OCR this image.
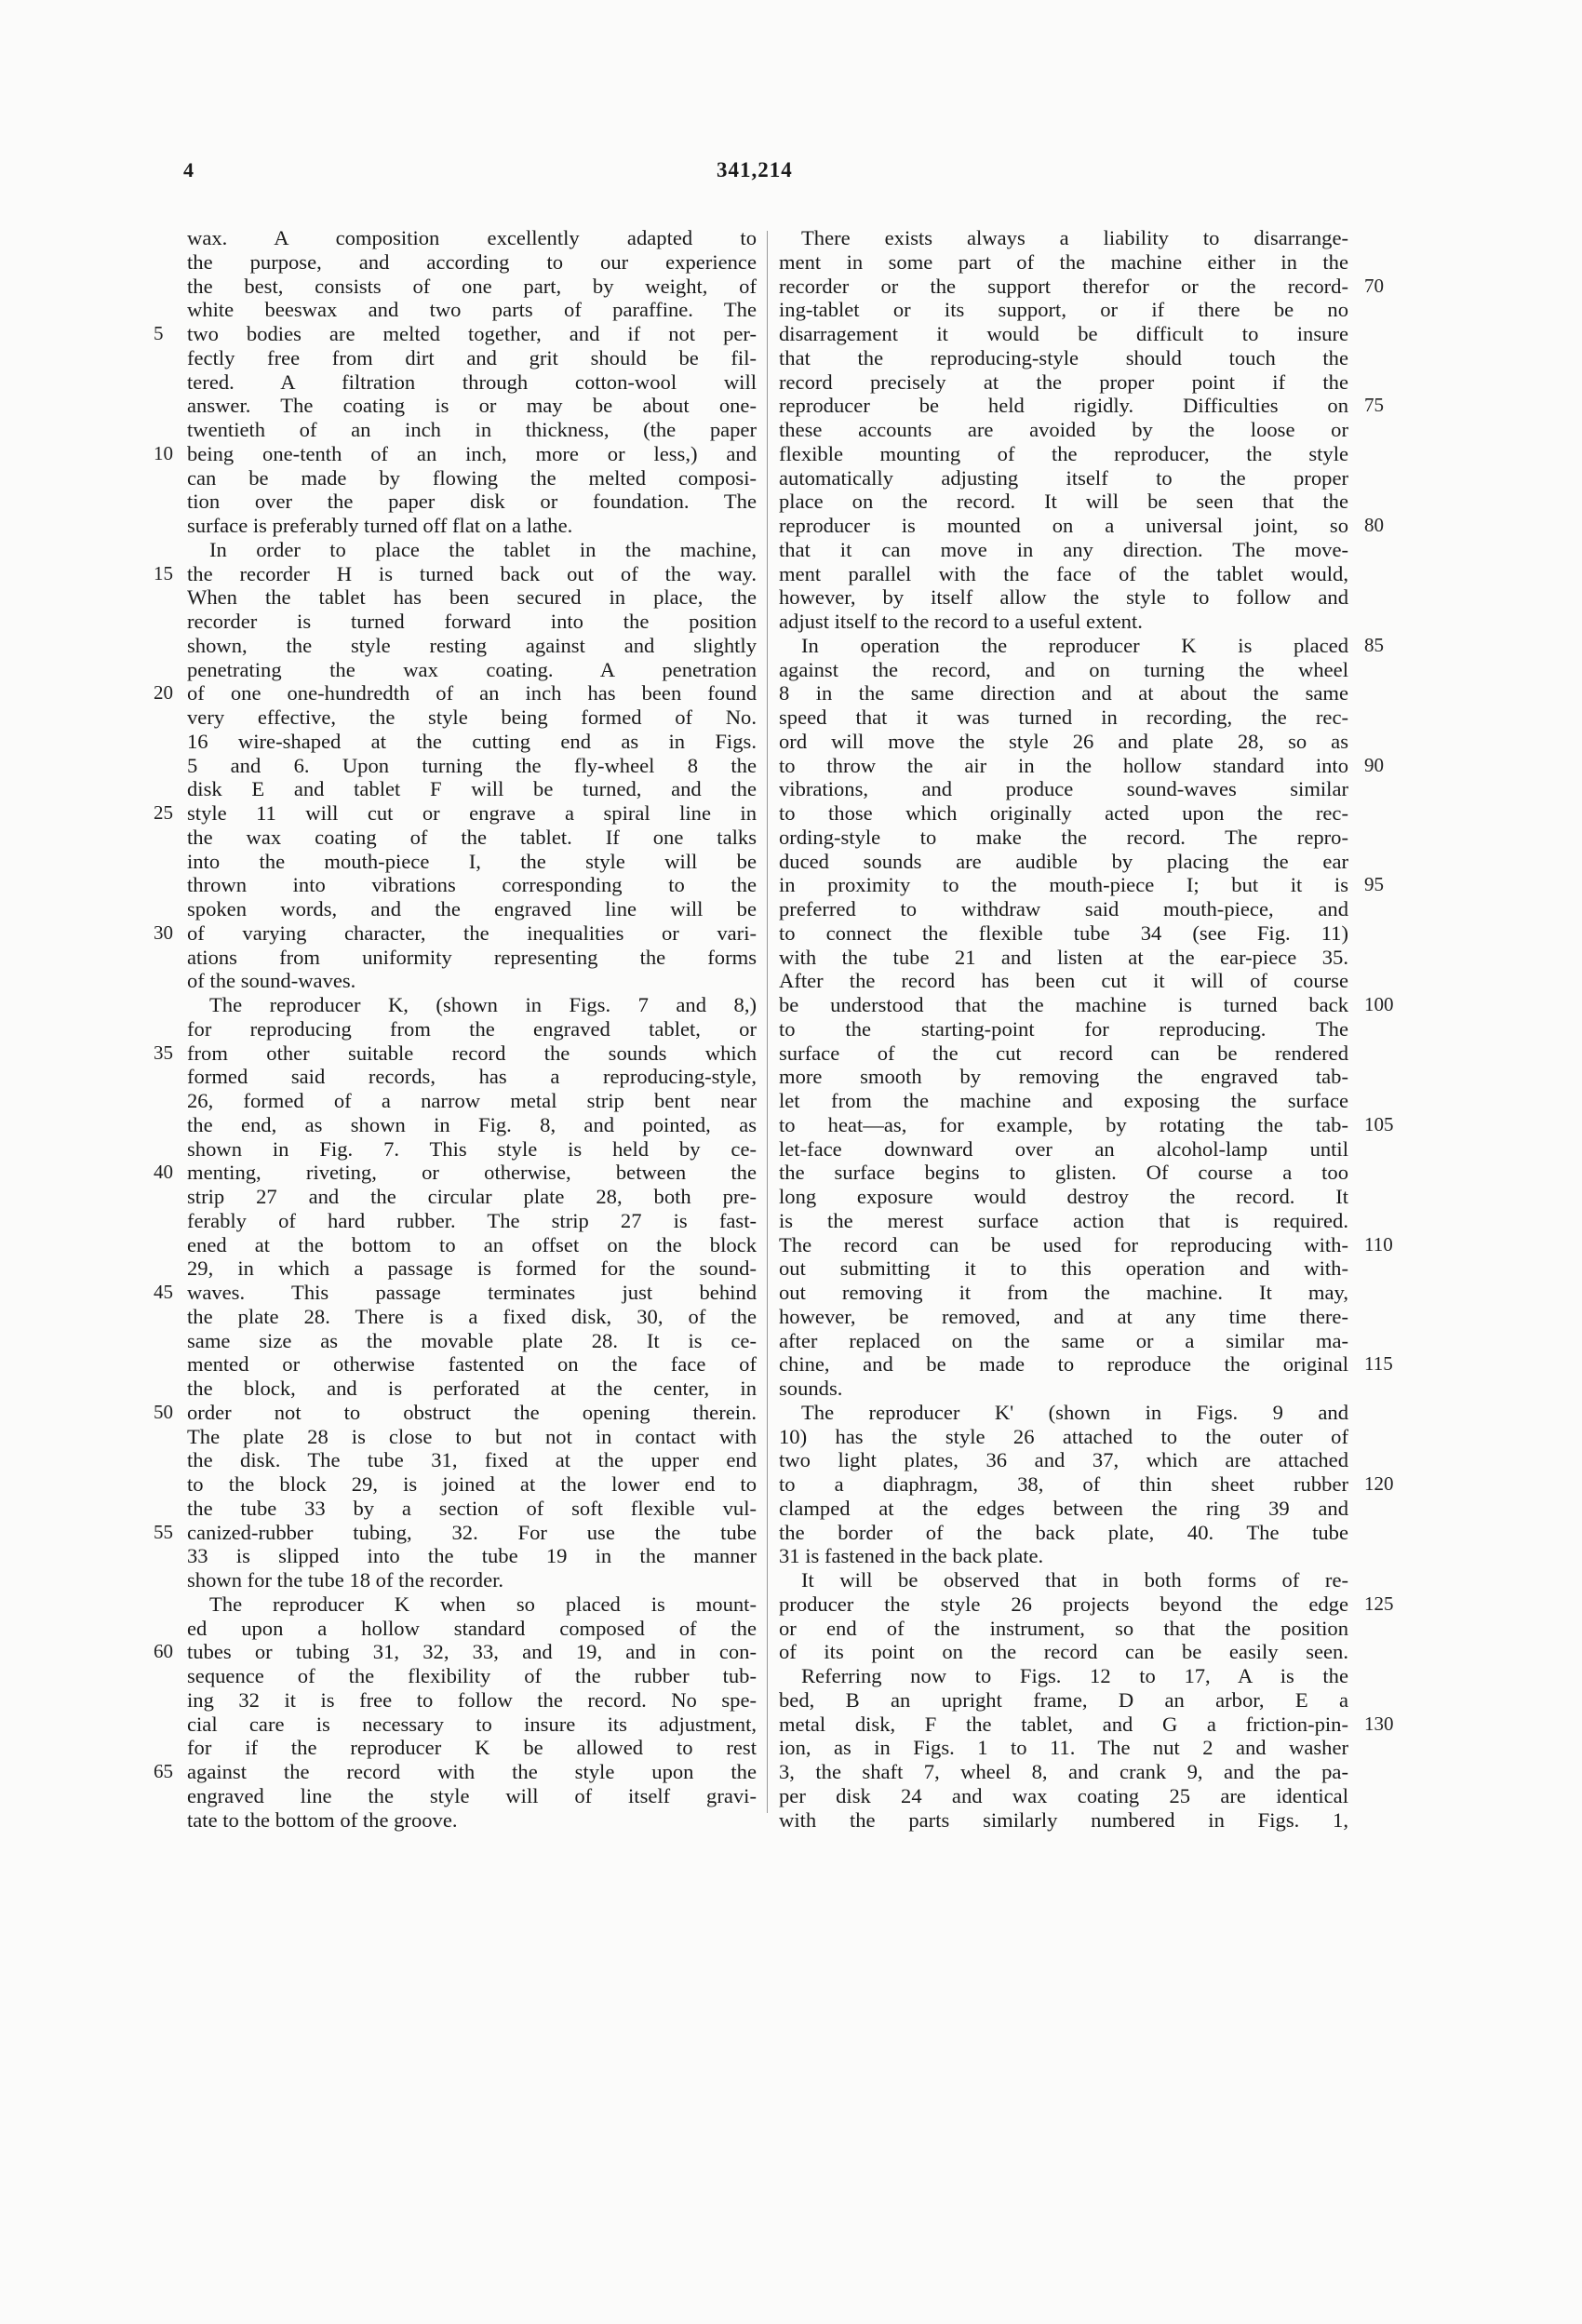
4	341,214
wax. A composition excellently adapted to
the purpose, and according to our experience
the best, consists of one part, by weight, of
white beeswax and two parts of paraffine. The
two bodies are melted together, and if not per-
fectly free from dirt and grit should be fil-
tered. A filtration through cotton-wool will
answer. The coating is or may be about one-
twentieth of an inch in thickness, (the paper
being one-tenth of an inch, more or less,) and
can be made by flowing the melted composi-
tion over the paper disk or foundation. The
surface is preferably turned off flat on a lathe.
In order to place the tablet in the machine,
the recorder H is turned back out of the way.
When the tablet has been secured in place, the
recorder is turned forward into the position
shown, the style resting against and slightly
penetrating the wax coating. A penetration
of one one-hundredth of an inch has been found
very effective, the style being formed of No.
16 wire-shaped at the cutting end as in Figs.
5 and 6. Upon turning the fly-wheel 8 the
disk E and tablet F will be turned, and the
style 11 will cut or engrave a spiral line in
the wax coating of the tablet. If one talks
into the mouth-piece I, the style will be
thrown into vibrations corresponding to the
spoken words, and the engraved line will be
of varying character, the inequalities or vari-
ations from uniformity representing the forms
of the sound-waves.
The reproducer K, (shown in Figs. 7 and 8,)
for reproducing from the engraved tablet, or
from other suitable record the sounds which
formed said records, has a reproducing-style,
26, formed of a narrow metal strip bent near
the end, as shown in Fig. 8, and pointed, as
shown in Fig. 7. This style is held by ce-
menting, riveting, or otherwise, between the
strip 27 and the circular plate 28, both pre-
ferably of hard rubber. The strip 27 is fast-
ened at the bottom to an offset on the block
29, in which a passage is formed for the sound-
waves. This passage terminates just behind
the plate 28. There is a fixed disk, 30, of the
same size as the movable plate 28. It is ce-
mented or otherwise fastented on the face of
the block, and is perforated at the center, in
order not to obstruct the opening therein.
The plate 28 is close to but not in contact with
the disk. The tube 31, fixed at the upper end
to the block 29, is joined at the lower end to
the tube 33 by a section of soft flexible vul-
canized-rubber tubing, 32. For use the tube
33 is slipped into the tube 19 in the manner
shown for the tube 18 of the recorder.
The reproducer K when so placed is mount-
ed upon a hollow standard composed of the
tubes or tubing 31, 32, 33, and 19, and in con-
sequence of the flexibility of the rubber tub-
ing 32 it is free to follow the record. No spe-
cial care is necessary to insure its adjustment,
for if the reproducer K be allowed to rest
against the record with the style upon the
engraved line the style will of itself gravi-
tate to the bottom of the groove.
There exists always a liability to disarrange-
ment in some part of the machine either in the
recorder or the support therefor or the record-
ing-tablet or its support, or if there be no
disarragement it would be difficult to insure
that the reproducing-style should touch the
record precisely at the proper point if the
reproducer be held rigidly. Difficulties on
these accounts are avoided by the loose or
flexible mounting of the reproducer, the style
automatically adjusting itself to the proper
place on the record. It will be seen that the
reproducer is mounted on a universal joint, so
that it can move in any direction. The move-
ment parallel with the face of the tablet would,
however, by itself allow the style to follow and
adjust itself to the record to a useful extent.
In operation the reproducer K is placed
against the record, and on turning the wheel
8 in the same direction and at about the same
speed that it was turned in recording, the rec-
ord will move the style 26 and plate 28, so as
to throw the air in the hollow standard into
vibrations, and produce sound-waves similar
to those which originally acted upon the rec-
ording-style to make the record. The repro-
duced sounds are audible by placing the ear
in proximity to the mouth-piece I; but it is
preferred to withdraw said mouth-piece, and
to connect the flexible tube 34 (see Fig. 11)
with the tube 21 and listen at the ear-piece 35.
After the record has been cut it will of course
be understood that the machine is turned back
to the starting-point for reproducing. The
surface of the cut record can be rendered
more smooth by removing the engraved tab-
let from the machine and exposing the surface
to heat—as, for example, by rotating the tab-
let-face downward over an alcohol-lamp until
the surface begins to glisten. Of course a too
long exposure would destroy the record. It
is the merest surface action that is required.
The record can be used for reproducing with-
out submitting it to this operation and with-
out removing it from the machine. It may,
however, be removed, and at any time there-
after replaced on the same or a similar ma-
chine, and be made to reproduce the original
sounds.
The reproducer K' (shown in Figs. 9 and
10) has the style 26 attached to the outer of
two light plates, 36 and 37, which are attached
to a diaphragm, 38, of thin sheet rubber
clamped at the edges between the ring 39 and
the border of the back plate, 40. The tube
31 is fastened in the back plate.
It will be observed that in both forms of re-
producer the style 26 projects beyond the edge
or end of the instrument, so that the position
of its point on the record can be easily seen.
Referring now to Figs. 12 to 17, A is the
bed, B an upright frame, D an arbor, E a
metal disk, F the tablet, and G a friction-pin-
ion, as in Figs. 1 to 11. The nut 2 and washer
3, the shaft 7, wheel 8, and crank 9, and the pa-
per disk 24 and wax coating 25 are identical
with the parts similarly numbered in Figs. 1,
5
10
15
20
25
30
35
40
45
50
55
60
65
70
75
80
85
90
95
100
105
110
115
120
125
130
